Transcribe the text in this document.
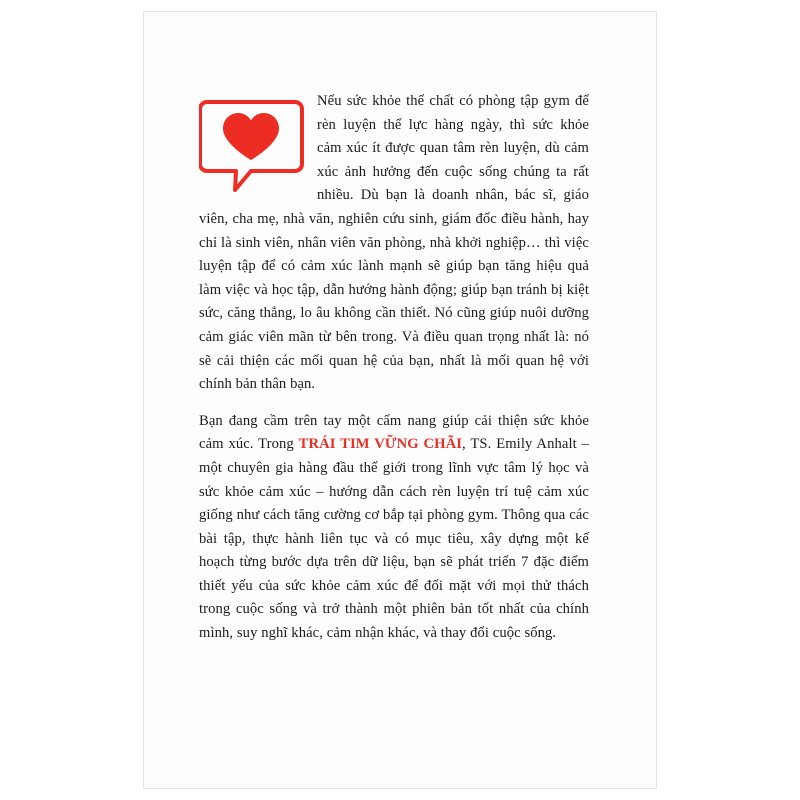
Nếu sức khỏe thể chất có phòng tập gym để rèn luyện thể lực hàng ngày, thì sức khỏe cảm xúc ít được quan tâm rèn luyện, dù cảm xúc ảnh hưởng đến cuộc sống chúng ta rất nhiều. Dù bạn là doanh nhân, bác sĩ, giáo viên, cha mẹ, nhà văn, nghiên cứu sinh, giám đốc điều hành, hay chỉ là sinh viên, nhân viên văn phòng, nhà khởi nghiệp… thì việc luyện tập để có cảm xúc lành mạnh sẽ giúp bạn tăng hiệu quả làm việc và học tập, dẫn hướng hành động; giúp bạn tránh bị kiệt sức, căng thẳng, lo âu không cần thiết. Nó cũng giúp nuôi dưỡng cảm giác viên mãn từ bên trong. Và điều quan trọng nhất là: nó sẽ cải thiện các mối quan hệ của bạn, nhất là mối quan hệ với chính bản thân bạn.

Bạn đang cầm trên tay một cẩm nang giúp cải thiện sức khỏe cảm xúc. Trong TRÁI TIM VỮNG CHÃI, TS. Emily Anhalt – một chuyên gia hàng đầu thế giới trong lĩnh vực tâm lý học và sức khỏe cảm xúc – hướng dẫn cách rèn luyện trí tuệ cảm xúc giống như cách tăng cường cơ bắp tại phòng gym. Thông qua các bài tập, thực hành liên tục và có mục tiêu, xây dựng một kế hoạch từng bước dựa trên dữ liệu, bạn sẽ phát triển 7 đặc điểm thiết yếu của sức khỏe cảm xúc để đối mặt với mọi thử thách trong cuộc sống và trở thành một phiên bản tốt nhất của chính mình, suy nghĩ khác, cảm nhận khác, và thay đổi cuộc sống.
